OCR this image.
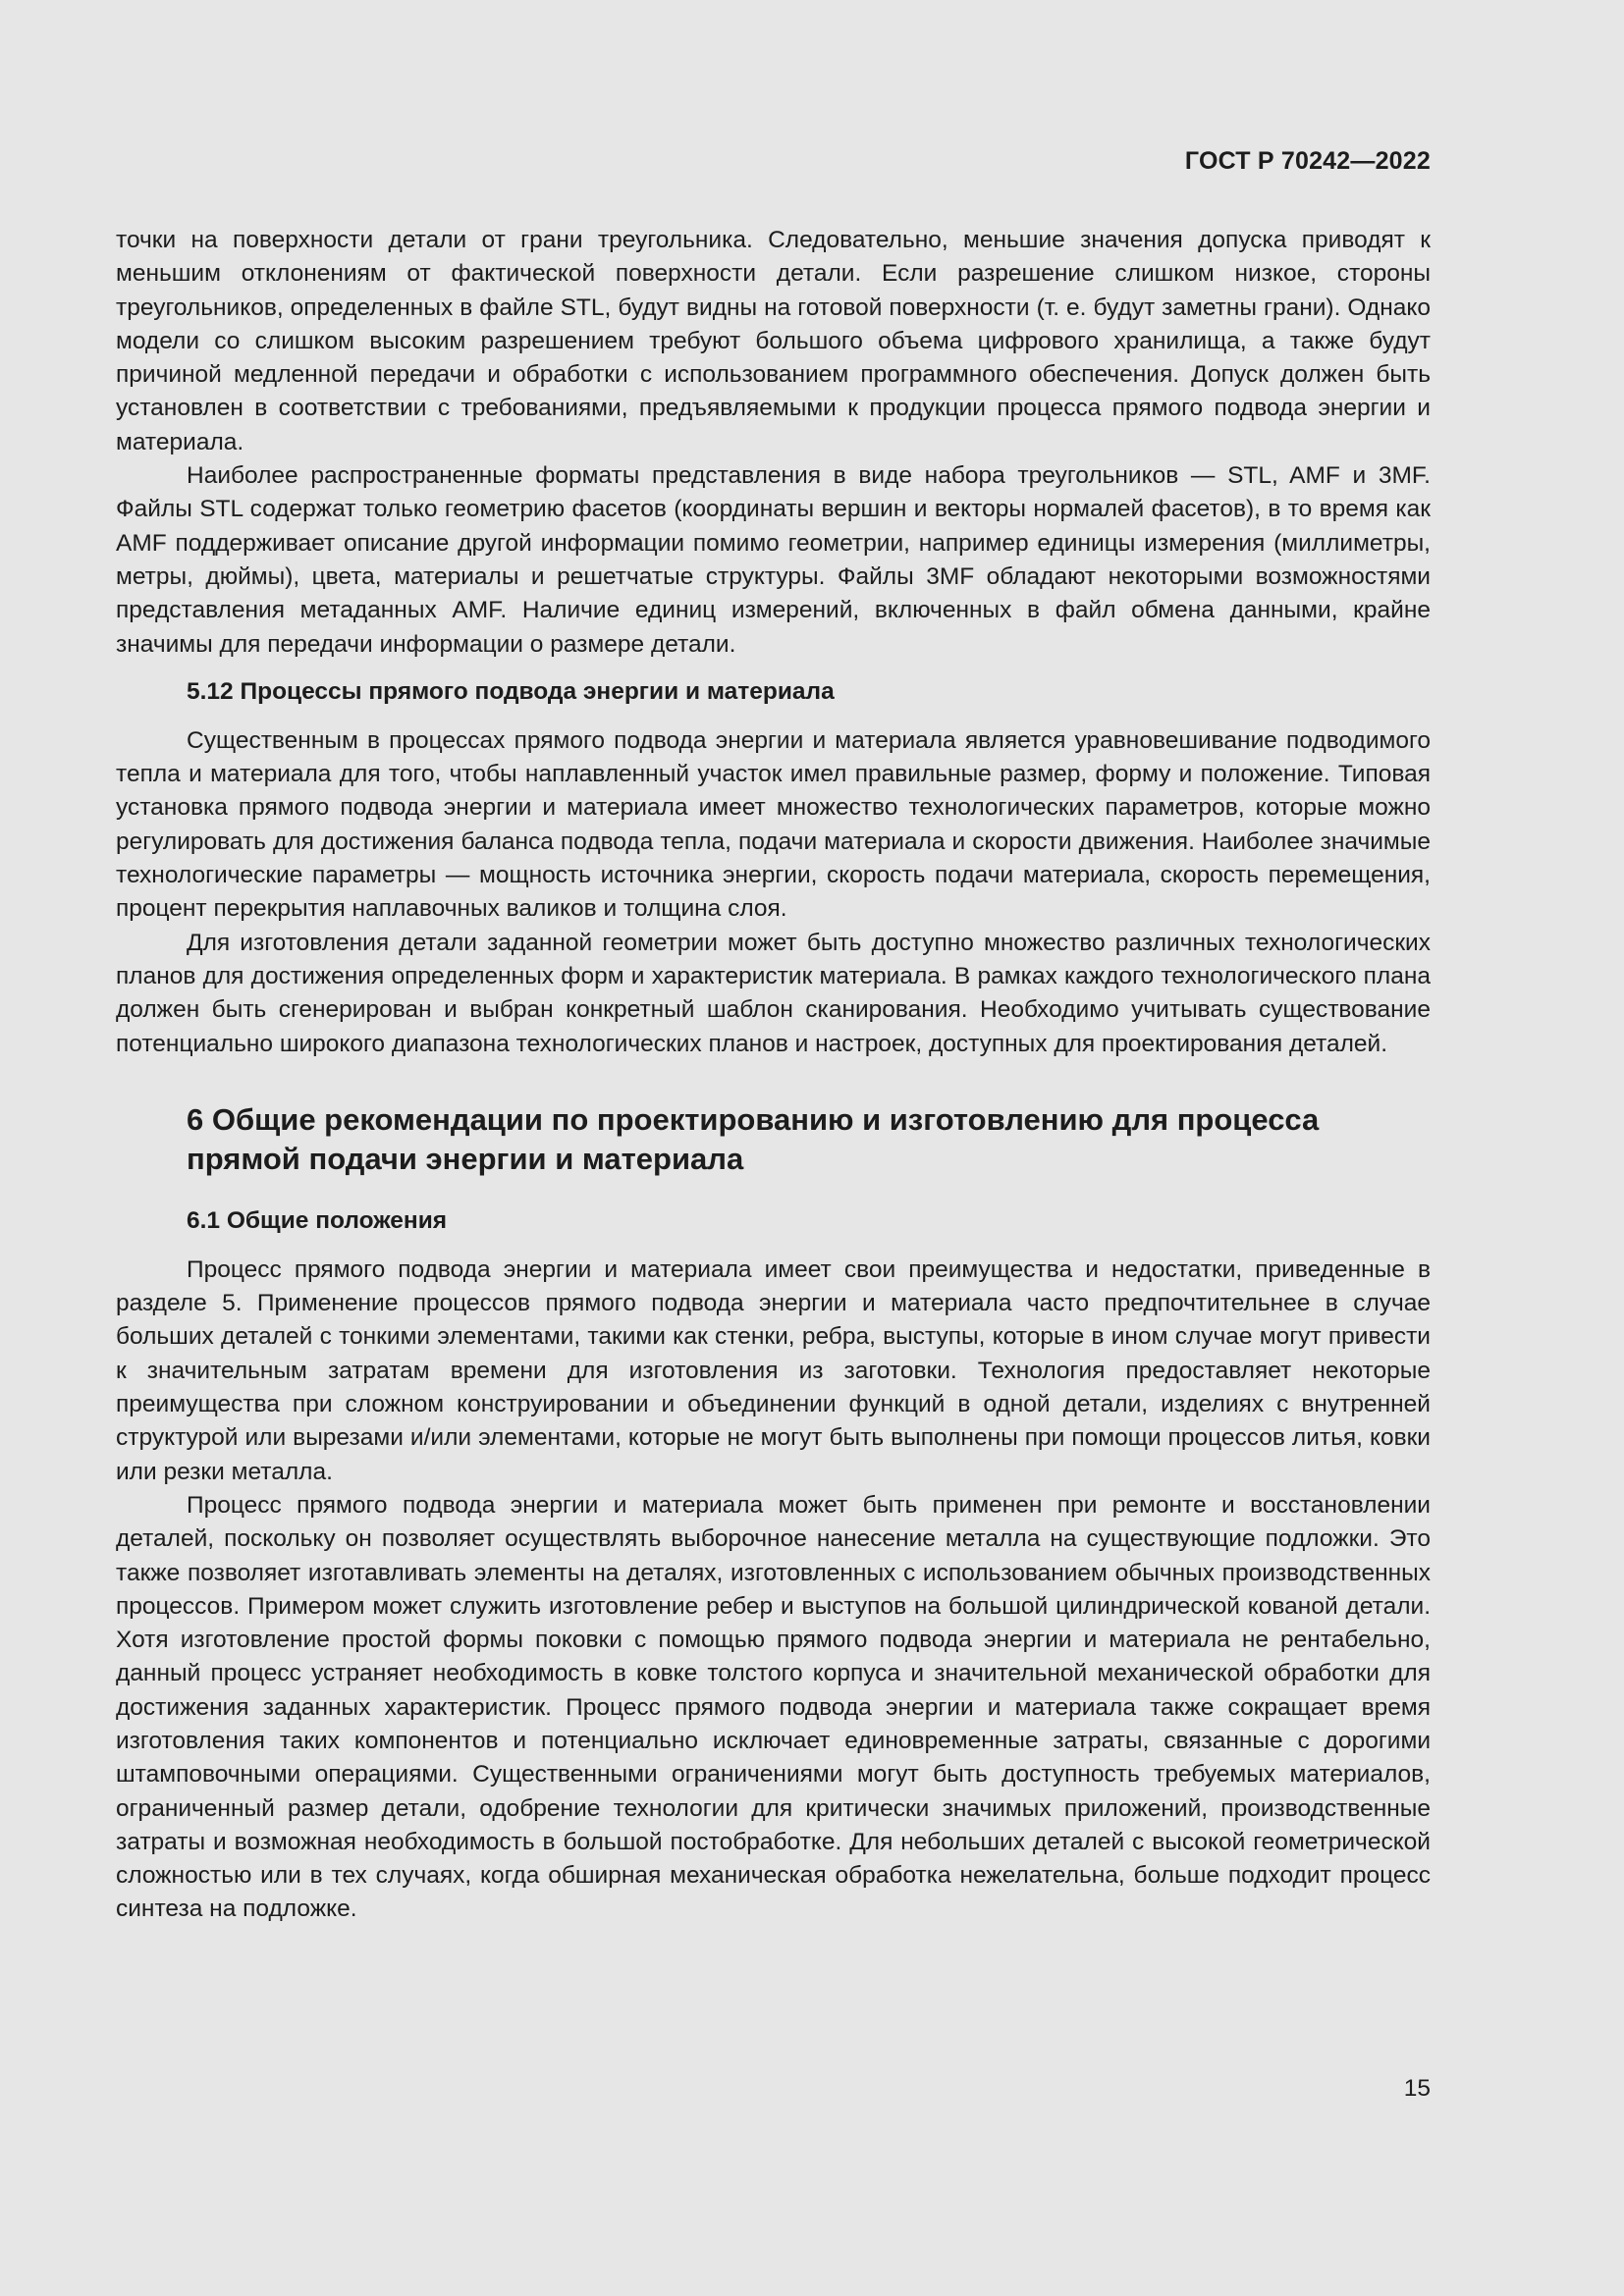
ГОСТ Р 70242—2022

точки на поверхности детали от грани треугольника. Следовательно, меньшие значения допуска приводят к меньшим отклонениям от фактической поверхности детали. Если разрешение слишком низкое, стороны треугольников, определенных в файле STL, будут видны на готовой поверхности (т. е. будут заметны грани). Однако модели со слишком высоким разрешением требуют большого объема цифрового хранилища, а также будут причиной медленной передачи и обработки с использованием программного обеспечения. Допуск должен быть установлен в соответствии с требованиями, предъявляемыми к продукции процесса прямого подвода энергии и материала.

Наиболее распространенные форматы представления в виде набора треугольников — STL, AMF и 3MF. Файлы STL содержат только геометрию фасетов (координаты вершин и векторы нормалей фасетов), в то время как AMF поддерживает описание другой информации помимо геометрии, например единицы измерения (миллиметры, метры, дюймы), цвета, материалы и решетчатые структуры. Файлы 3MF обладают некоторыми возможностями представления метаданных AMF. Наличие единиц измерений, включенных в файл обмена данными, крайне значимы для передачи информации о размере детали.

5.12 Процессы прямого подвода энергии и материала

Существенным в процессах прямого подвода энергии и материала является уравновешивание подводимого тепла и материала для того, чтобы наплавленный участок имел правильные размер, форму и положение. Типовая установка прямого подвода энергии и материала имеет множество технологических параметров, которые можно регулировать для достижения баланса подвода тепла, подачи материала и скорости движения. Наиболее значимые технологические параметры — мощность источника энергии, скорость подачи материала, скорость перемещения, процент перекрытия наплавочных валиков и толщина слоя.

Для изготовления детали заданной геометрии может быть доступно множество различных технологических планов для достижения определенных форм и характеристик материала. В рамках каждого технологического плана должен быть сгенерирован и выбран конкретный шаблон сканирования. Необходимо учитывать существование потенциально широкого диапазона технологических планов и настроек, доступных для проектирования деталей.

6 Общие рекомендации по проектированию и изготовлению для процесса прямой подачи энергии и материала
6.1 Общие положения

Процесс прямого подвода энергии и материала имеет свои преимущества и недостатки, приведенные в разделе 5. Применение процессов прямого подвода энергии и материала часто предпочтительнее в случае больших деталей с тонкими элементами, такими как стенки, ребра, выступы, которые в ином случае могут привести к значительным затратам времени для изготовления из заготовки. Технология предоставляет некоторые преимущества при сложном конструировании и объединении функций в одной детали, изделиях с внутренней структурой или вырезами и/или элементами, которые не могут быть выполнены при помощи процессов литья, ковки или резки металла.

Процесс прямого подвода энергии и материала может быть применен при ремонте и восстановлении деталей, поскольку он позволяет осуществлять выборочное нанесение металла на существующие подложки. Это также позволяет изготавливать элементы на деталях, изготовленных с использованием обычных производственных процессов. Примером может служить изготовление ребер и выступов на большой цилиндрической кованой детали. Хотя изготовление простой формы поковки с помощью прямого подвода энергии и материала не рентабельно, данный процесс устраняет необходимость в ковке толстого корпуса и значительной механической обработки для достижения заданных характеристик. Процесс прямого подвода энергии и материала также сокращает время изготовления таких компонентов и потенциально исключает единовременные затраты, связанные с дорогими штамповочными операциями. Существенными ограничениями могут быть доступность требуемых материалов, ограниченный размер детали, одобрение технологии для критически значимых приложений, производственные затраты и возможная необходимость в большой постобработке. Для небольших деталей с высокой геометрической сложностью или в тех случаях, когда обширная механическая обработка нежелательна, больше подходит процесс синтеза на подложке.

15
